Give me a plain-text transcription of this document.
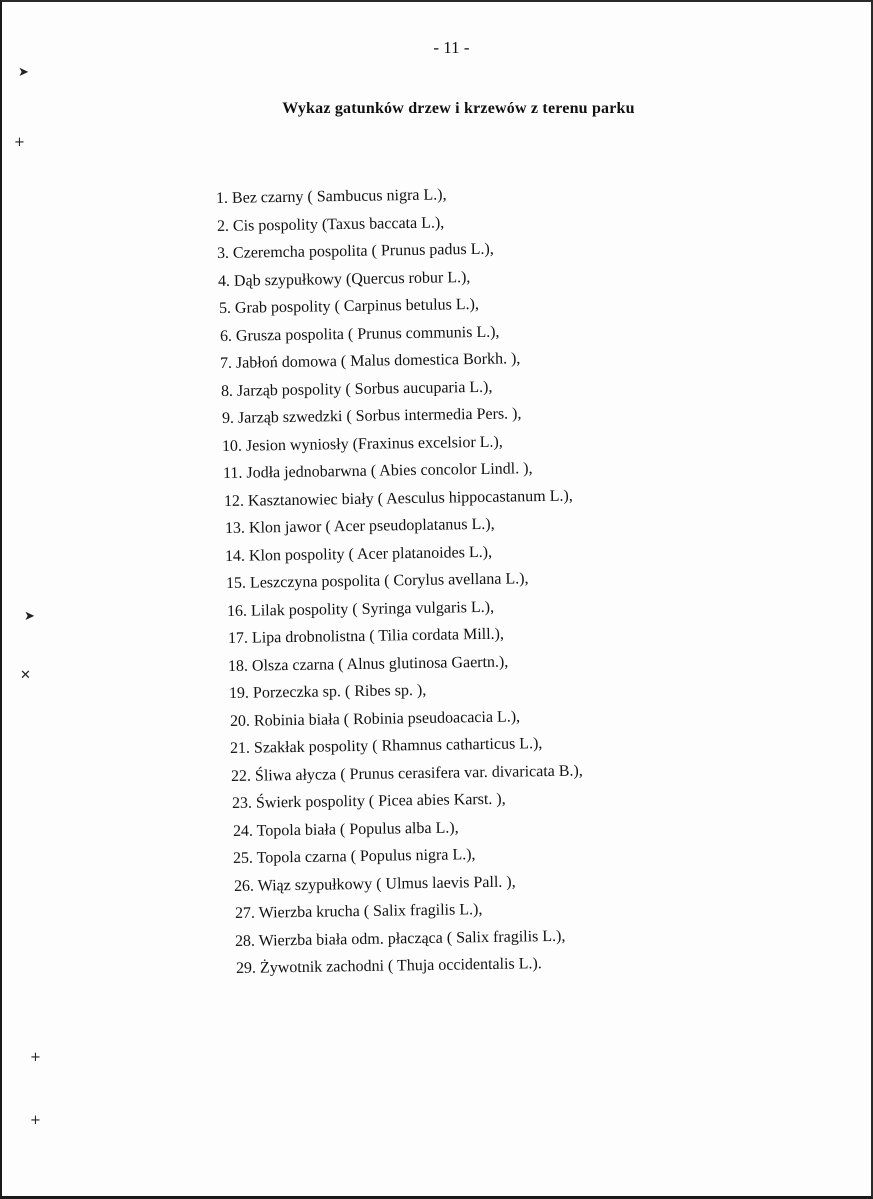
➤
+
➤
✕
+
+
- 11 -
Wykaz gatunków drzew i krzewów z terenu parku
1. Bez czarny ( Sambucus nigra L.),
2. Cis pospolity (Taxus baccata L.),
3. Czeremcha pospolita ( Prunus padus L.),
4. Dąb szypułkowy (Quercus robur L.),
5. Grab pospolity ( Carpinus betulus L.),
6. Grusza pospolita ( Prunus communis L.),
7. Jabłoń domowa ( Malus domestica Borkh. ),
8. Jarząb pospolity ( Sorbus aucuparia L.),
9. Jarząb szwedzki ( Sorbus intermedia Pers. ),
10. Jesion wyniosły (Fraxinus excelsior L.),
11. Jodła jednobarwna ( Abies concolor Lindl. ),
12. Kasztanowiec biały ( Aesculus hippocastanum L.),
13. Klon jawor ( Acer pseudoplatanus L.),
14. Klon pospolity ( Acer platanoides L.),
15. Leszczyna pospolita ( Corylus avellana L.),
16. Lilak pospolity ( Syringa vulgaris L.),
17. Lipa drobnolistna ( Tilia cordata Mill.),
18. Olsza czarna ( Alnus glutinosa Gaertn.),
19. Porzeczka sp. ( Ribes sp. ),
20. Robinia biała ( Robinia pseudoacacia L.),
21. Szakłak pospolity ( Rhamnus catharticus L.),
22. Śliwa ałycza ( Prunus cerasifera var. divaricata B.),
23. Świerk pospolity ( Picea abies Karst. ),
24. Topola biała ( Populus alba L.),
25. Topola czarna ( Populus nigra L.),
26. Wiąz szypułkowy ( Ulmus laevis Pall. ),
27. Wierzba krucha ( Salix fragilis L.),
28. Wierzba biała odm. płacząca ( Salix fragilis L.),
29. Żywotnik zachodni ( Thuja occidentalis L.).
